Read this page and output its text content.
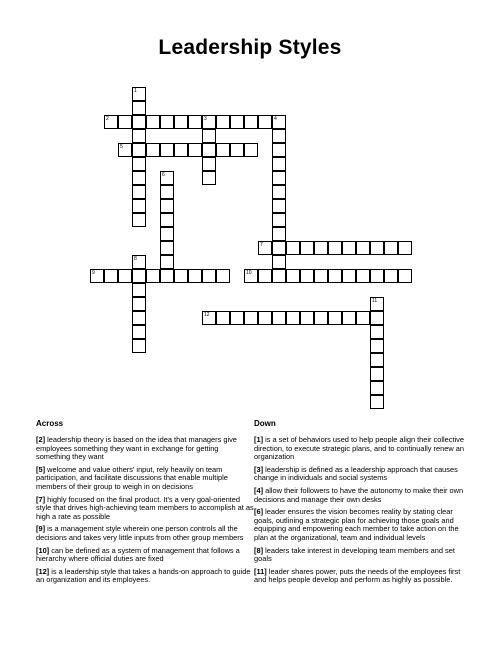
Leadership Styles
1
2	3	4
5
6
7
8
9	10
11
12
Across	Down
[2] leadership theory is based on the idea that managers give employees something they want in exchange for getting something they want
[5] welcome and value others' input, rely heavily on team participation, and facilitate discussions that enable multiple members of their group to weigh in on decisions
[7] highly focused on the final product. It's a very goal-oriented style that drives high-achieving team members to accomplish at as high a rate as possible
[9] is a management style wherein one person controls all the decisions and takes very little inputs from other group members
[10] can be defined as a system of management that follows a hierarchy where official duties are fixed
[12] is a leadership style that takes a hands-on approach to guide an organization and its employees.
[1] is a set of behaviors used to help people align their collective direction, to execute strategic plans, and to continually renew an organization
[3] leadership is defined as a leadership approach that causes change in individuals and social systems
[4] allow their followers to have the autonomy to make their own decisions and manage their own desks
[6] leader ensures the vision becomes reality by stating clear goals, outlining a strategic plan for achieving those goals and equipping and empowering each member to take action on the plan at the organizational, team and individual levels
[8] leaders take interest in developing team members and set goals
[11] leader shares power, puts the needs of the employees first and helps people develop and perform as highly as possible.
